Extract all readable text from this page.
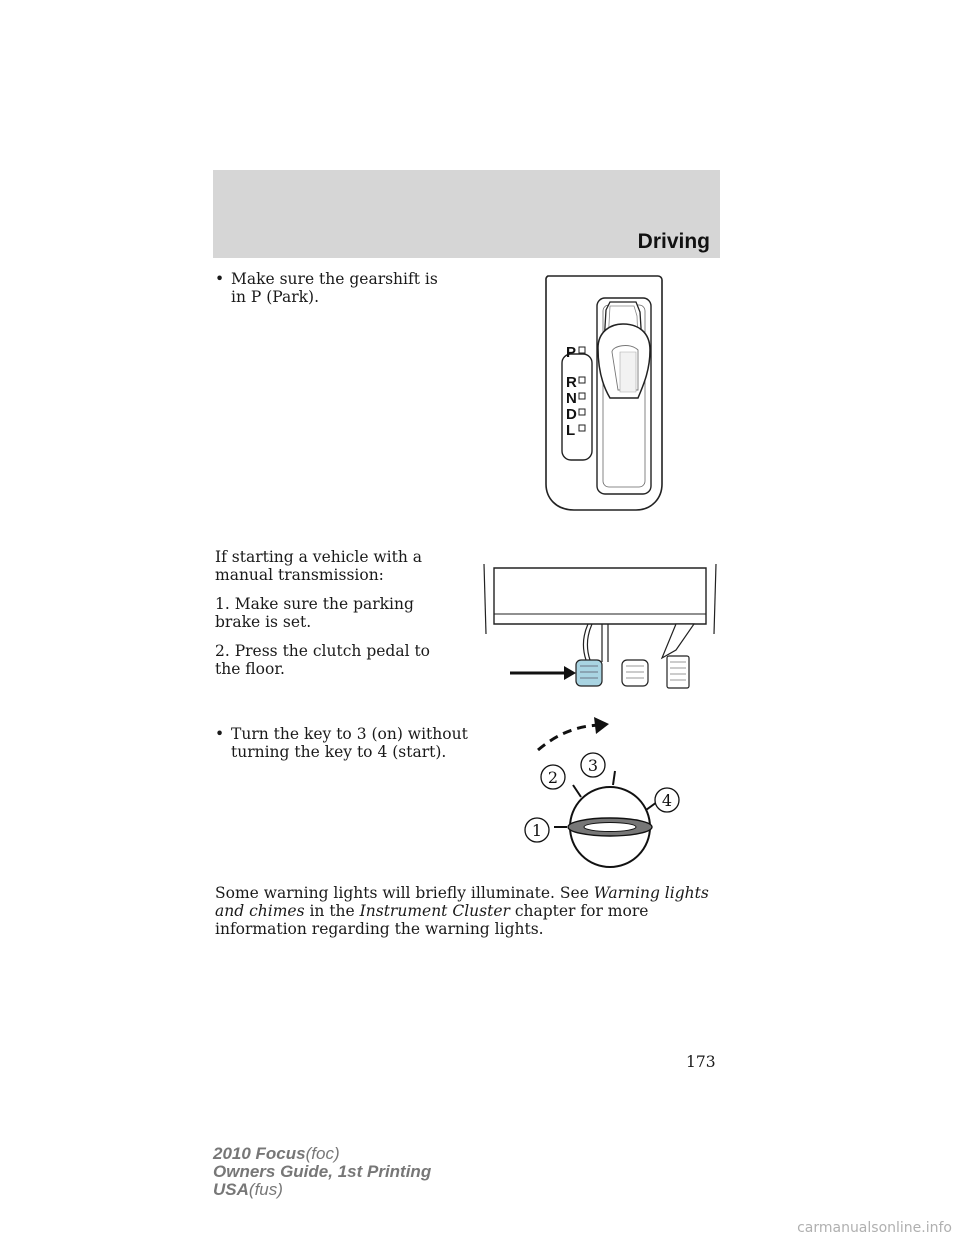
Driving
• Make sure the gearshift is in P (Park).
P
R
N
D
L

If starting a vehicle with a manual transmission:

1. Make sure the parking brake is set.

2. Press the clutch pedal to the floor.

• Turn the key to 3 (on) without turning the key to 4 (start).
1
2
3
4
Some warning lights will briefly illuminate. See Warning lights and chimes in the Instrument Cluster chapter for more information regarding the warning lights.
173
2010 Focus(foc)
Owners Guide, 1st Printing
USA(fus)
carmanualsonline.info
